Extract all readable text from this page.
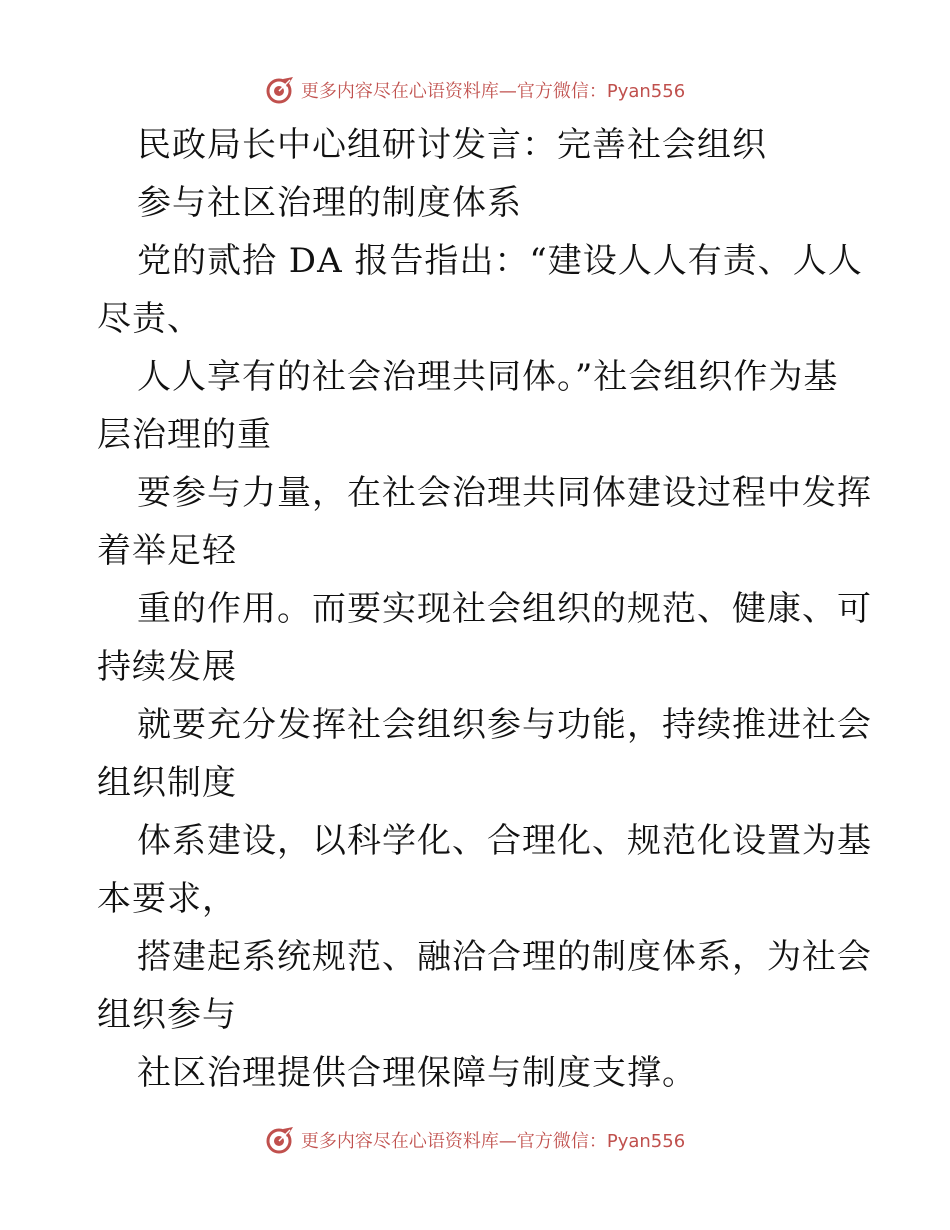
更多内容尽在心语资料库—官方微信：Pyan556
民政局长中心组研讨发言：完善社会组织
参与社区治理的制度体系
党的贰拾 DA 报告指出：“建设人人有责、人人
尽责、
人人享有的社会治理共同体。”社会组织作为基
层治理的重
要参与力量，在社会治理共同体建设过程中发挥
着举足轻
重的作用。而要实现社会组织的规范、健康、可
持续发展
就要充分发挥社会组织参与功能，持续推进社会
组织制度
体系建设，以科学化、合理化、规范化设置为基
本要求，
搭建起系统规范、融洽合理的制度体系，为社会
组织参与
社区治理提供合理保障与制度支撑。
更多内容尽在心语资料库—官方微信：Pyan556
